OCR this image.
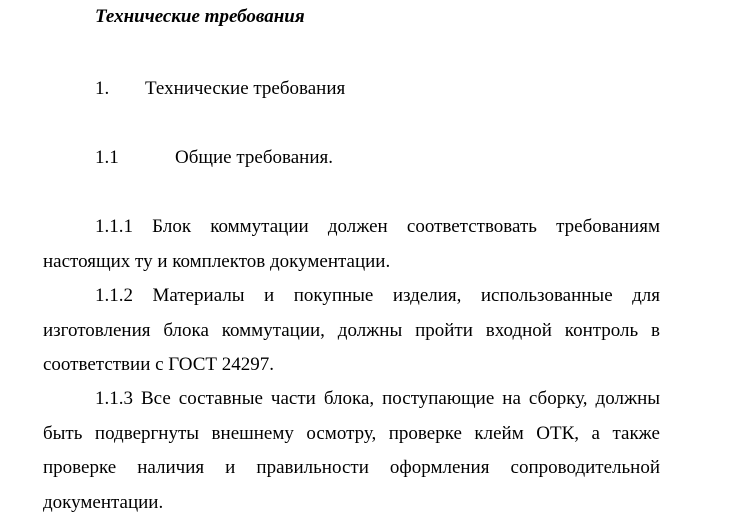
Технические требования
1. Технические требования
1.1	Общие требования.

1.1.1 Блок коммутации должен соответствовать требованиям настоящих ту и комплектов документации.

1.1.2 Материалы и покупные изделия, использованные для изготовления блока коммутации, должны пройти входной контроль в соответствии с ГОСТ 24297.

1.1.3 Все составные части блока, поступающие на сборку, должны быть подвергнуты внешнему осмотру, проверке клейм ОТК, а также проверке наличия и правильности оформления сопроводительной документации.
